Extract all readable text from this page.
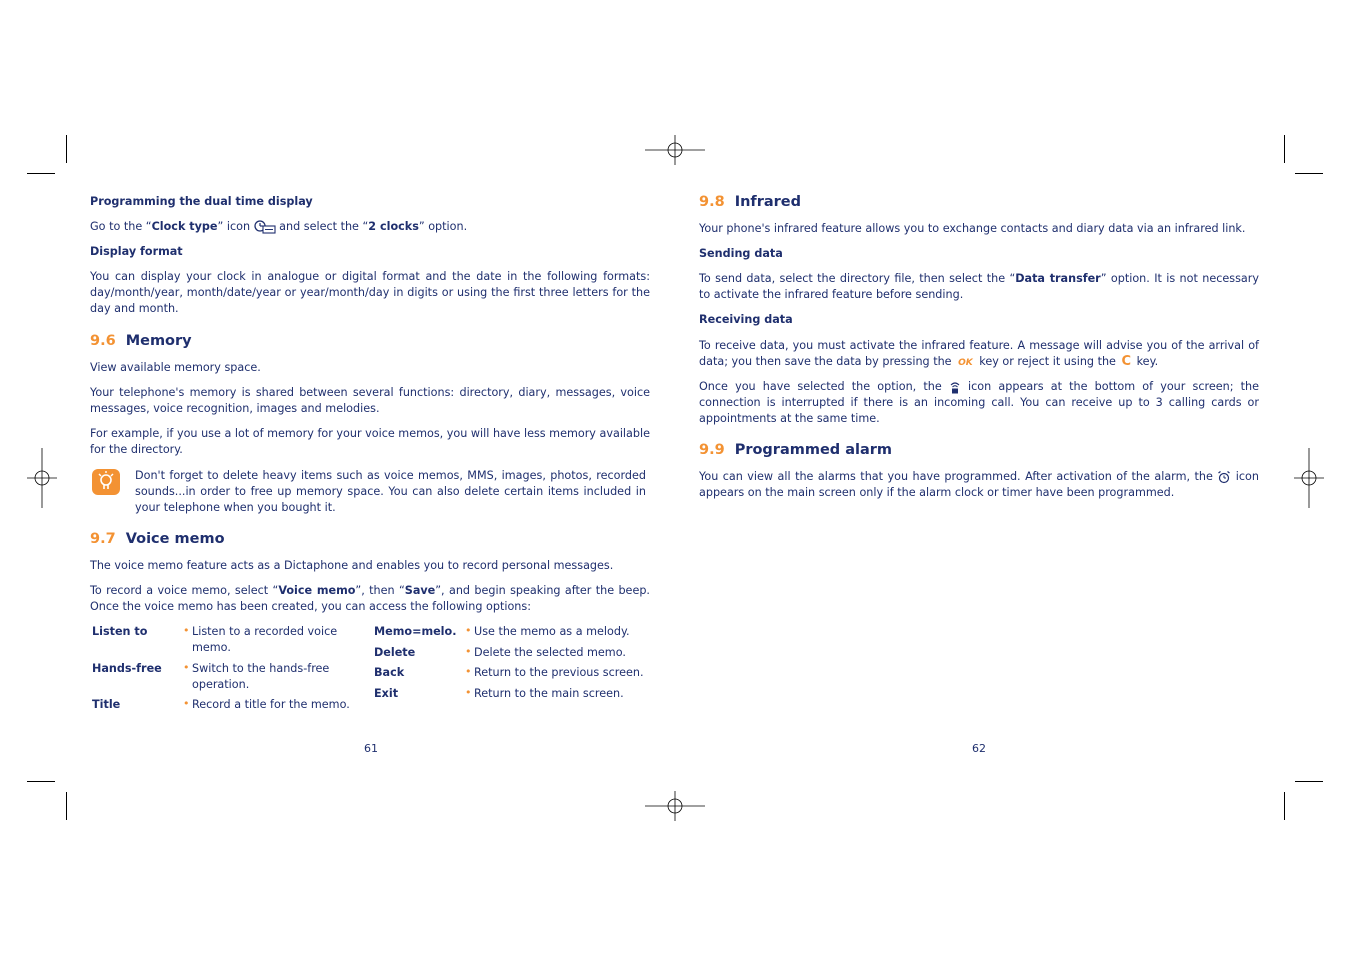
Programming the dual time display

Go to the “Clock type” icon  and select the “2 clocks” option.

Display format

You can display your clock in analogue or digital format and the date in the following formats: day/month/year, month/date/year or year/month/day in digits or using the first three letters for the day and month.

9.6 Memory

View available memory space.

Your telephone's memory is shared between several functions: directory, diary, messages, voice messages, voice recognition, images and melodies.

For example, if you use a lot of memory for your voice memos, you will have less memory available for the directory.

Don't forget to delete heavy items such as voice memos, MMS, images, photos, recorded sounds...in order to free up memory space. You can also delete certain items included in your telephone when you bought it.

9.7 Voice memo

The voice memo feature acts as a Dictaphone and enables you to record personal messages.

To record a voice memo, select “Voice memo”, then “Save”, and begin speaking after the beep. Once the voice memo has been created, you can access the following options:

Listen to	• Listen to a recorded voice memo.
Hands-free • Switch to the hands-free operation.
Title	• Record a title for the memo.
Memo=melo. • Use the memo as a melody.
Delete	• Delete the selected memo.
Back	• Return to the previous screen.
Exit	• Return to the main screen.
61

9.8 Infrared

Your phone's infrared feature allows you to exchange contacts and diary data via an infrared link.

Sending data

To send data, select the directory file, then select the “Data transfer” option. It is not necessary to activate the infrared feature before sending.

Receiving data

To receive data, you must activate the infrared feature. A message will advise you of the arrival of data; you then save the data by pressing the OK key or reject it using the C key.

Once you have selected the option, the  icon appears at the bottom of your screen; the connection is interrupted if there is an incoming call. You can receive up to 3 calling cards or appointments at the same time.

9.9 Programmed alarm

You can view all the alarms that you have programmed. After activation of the alarm, the  icon appears on the main screen only if the alarm clock or timer have been programmed.

62
